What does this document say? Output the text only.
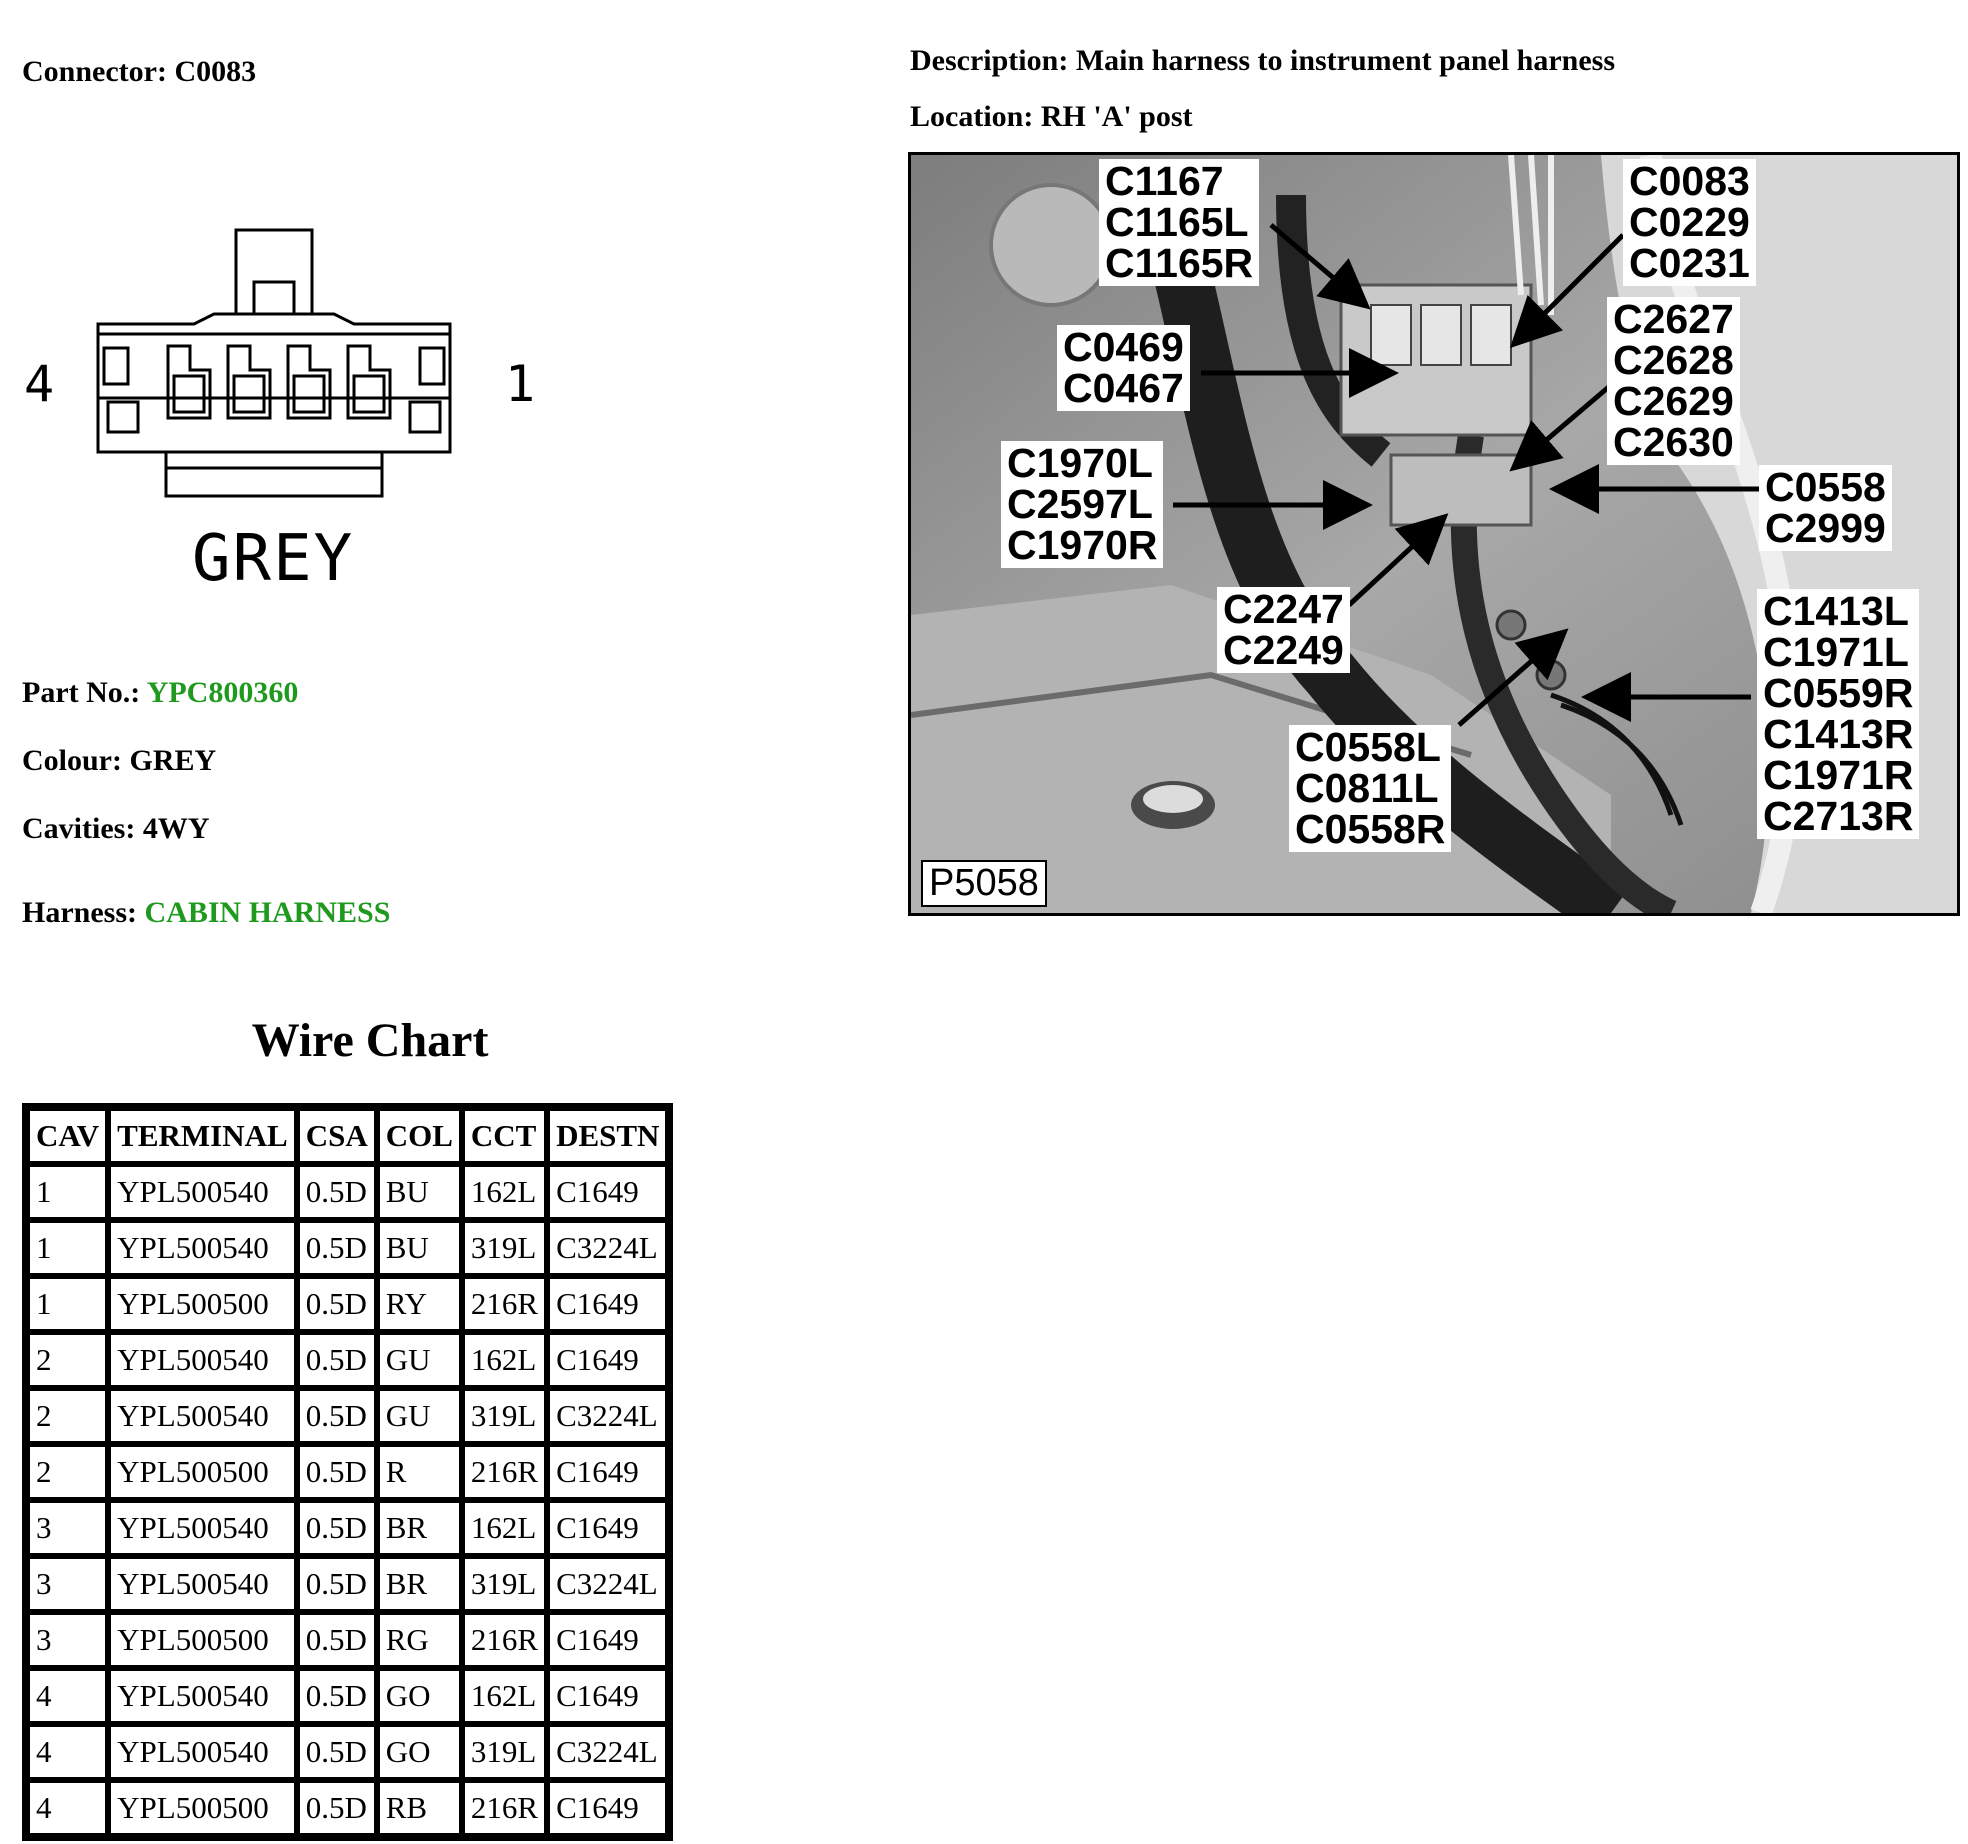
Connector: C0083	Description: Main harness to instrument panel harness
Location: RH 'A' post
4	1
GREY
Part No.: YPC800360
Colour: GREY
Cavities: 4WY
Harness: CABIN HARNESS
Wire Chart
CAV	TERMINAL	CSA	COL	CCT	DESTN
1	YPL500540	0.5D	BU	162L	C1649
1	YPL500540	0.5D	BU	319L	C3224L
1	YPL500500	0.5D	RY	216R	C1649
2	YPL500540	0.5D	GU	162L	C1649
2	YPL500540	0.5D	GU	319L	C3224L
2	YPL500500	0.5D	R	216R	C1649
3	YPL500540	0.5D	BR	162L	C1649
3	YPL500540	0.5D	BR	319L	C3224L
3	YPL500500	0.5D	RG	216R	C1649
4	YPL500540	0.5D	GO	162L	C1649
4	YPL500540	0.5D	GO	319L	C3224L
4	YPL500500	0.5D	RB	216R	C1649
C1167
C1165L
C1165R
C0083
C0229
C0231
C0469
C0467
C2627
C2628
C2629
C2630
C1970L
C2597L
C1970R
C0558
C2999
C2247
C2249
C1413L
C1971L
C0559R
C1413R
C1971R
C2713R
C0558L
C0811L
C0558R
P5058
